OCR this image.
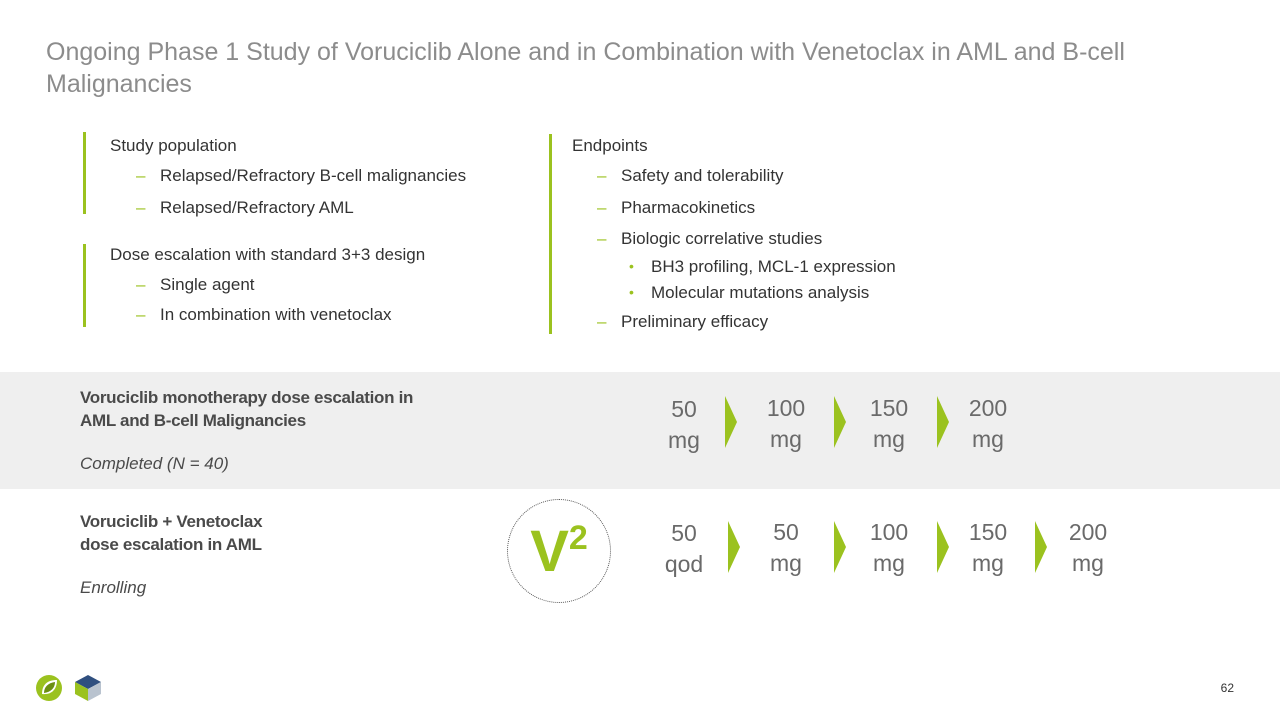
Ongoing Phase 1 Study of Voruciclib Alone and in Combination with Venetoclax in AML and B-cell Malignancies
Study population
– Relapsed/Refractory B-cell malignancies
– Relapsed/Refractory AML
Dose escalation with standard 3+3 design
– Single agent
– In combination with venetoclax
Endpoints
– Safety and tolerability
– Pharmacokinetics
– Biologic correlative studies
• BH3 profiling, MCL-1 expression
• Molecular mutations analysis
– Preliminary efficacy
Voruciclib monotherapy dose escalation in
AML and B-cell Malignancies
Completed (N = 40)
50
mg
100
mg
150
mg
200
mg
Voruciclib + Venetoclax
dose escalation in AML
Enrolling
$V^2$	50
qod
50
mg
100
mg
150
mg
200
mg
62
